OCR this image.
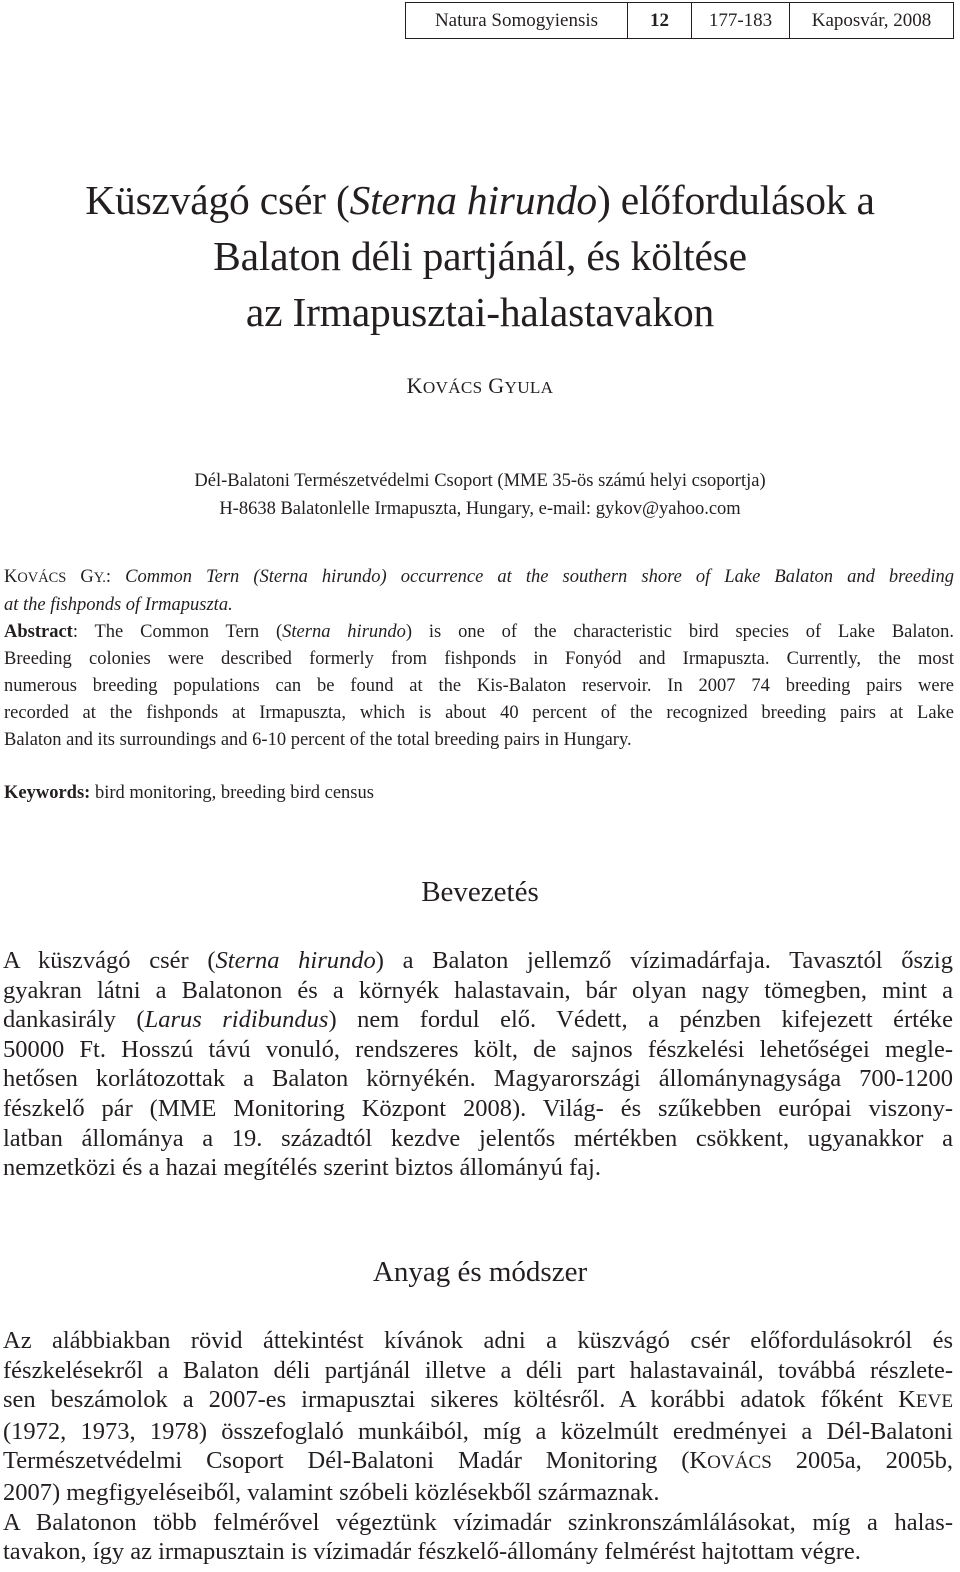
Natura Somogyiensis	12	177-183	Kaposvár, 2008
Küszvágó csér (Sterna hirundo) előfordulások a
Balaton déli partjánál, és költése
az Irmapusztai-halastavakon
KOVÁCS GYULA
Dél-Balatoni Természetvédelmi Csoport (MME 35-ös számú helyi csoportja)
H-8638 Balatonlelle Irmapuszta, Hungary, e-mail: gykov@yahoo.com
KOVÁCS GY.: Common Tern (Sterna hirundo) occurrence at the southern shore of Lake Balaton and breeding
at the fishponds of Irmapuszta.
Abstract: The Common Tern (Sterna hirundo) is one of the characteristic bird species of Lake Balaton.
Breeding colonies were described formerly from fishponds in Fonyód and Irmapuszta. Currently, the most
numerous breeding populations can be found at the Kis-Balaton reservoir. In 2007 74 breeding pairs were
recorded at the fishponds at Irmapuszta, which is about 40 percent of the recognized breeding pairs at Lake
Balaton and its surroundings and 6-10 percent of the total breeding pairs in Hungary.
Keywords: bird monitoring, breeding bird census
Bevezetés
A küszvágó csér (Sterna hirundo) a Balaton jellemző vízimadárfaja. Tavasztól őszig
gyakran látni a Balatonon és a környék halastavain, bár olyan nagy tömegben, mint a
dankasirály (Larus ridibundus) nem fordul elő. Védett, a pénzben kifejezett értéke
50000 Ft. Hosszú távú vonuló, rendszeres költ, de sajnos fészkelési lehetőségei megle-
hetősen korlátozottak a Balaton környékén. Magyarországi állománynagysága 700-1200
fészkelő pár (MME Monitoring Központ 2008). Világ- és szűkebben európai viszony-
latban állománya a 19. századtól kezdve jelentős mértékben csökkent, ugyanakkor a
nemzetközi és a hazai megítélés szerint biztos állományú faj.
Anyag és módszer
Az alábbiakban rövid áttekintést kívánok adni a küszvágó csér előfordulásokról és
fészkelésekről a Balaton déli partjánál illetve a déli part halastavainál, továbbá részlete-
sen beszámolok a 2007-es irmapusztai sikeres költésről. A korábbi adatok főként KEVE
(1972, 1973, 1978) összefoglaló munkáiból, míg a közelmúlt eredményei a Dél-Balatoni
Természetvédelmi Csoport Dél-Balatoni Madár Monitoring (KOVÁCS 2005a, 2005b,
2007) megfigyeléseiből, valamint szóbeli közlésekből származnak.
A Balatonon több felmérővel végeztünk vízimadár szinkronszámlálásokat, míg a halas-
tavakon, így az irmapusztain is vízimadár fészkelő-állomány felmérést hajtottam végre.
